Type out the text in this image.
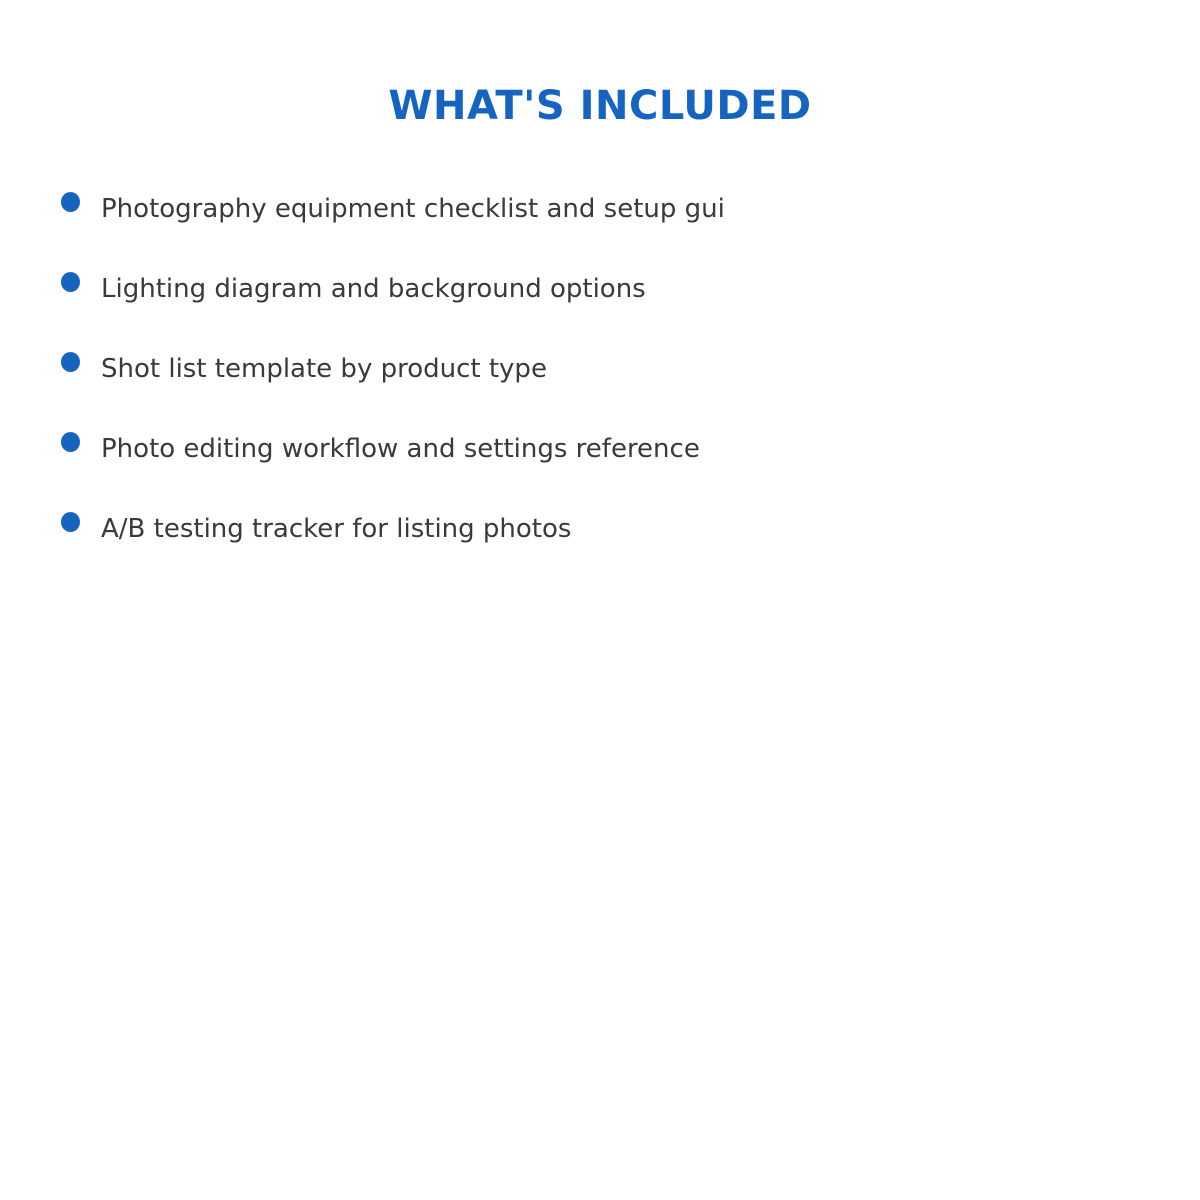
WHAT'S INCLUDED
Photography equipment checklist and setup gui
Lighting diagram and background options
Shot list template by product type
Photo editing workflow and settings reference
A/B testing tracker for listing photos
